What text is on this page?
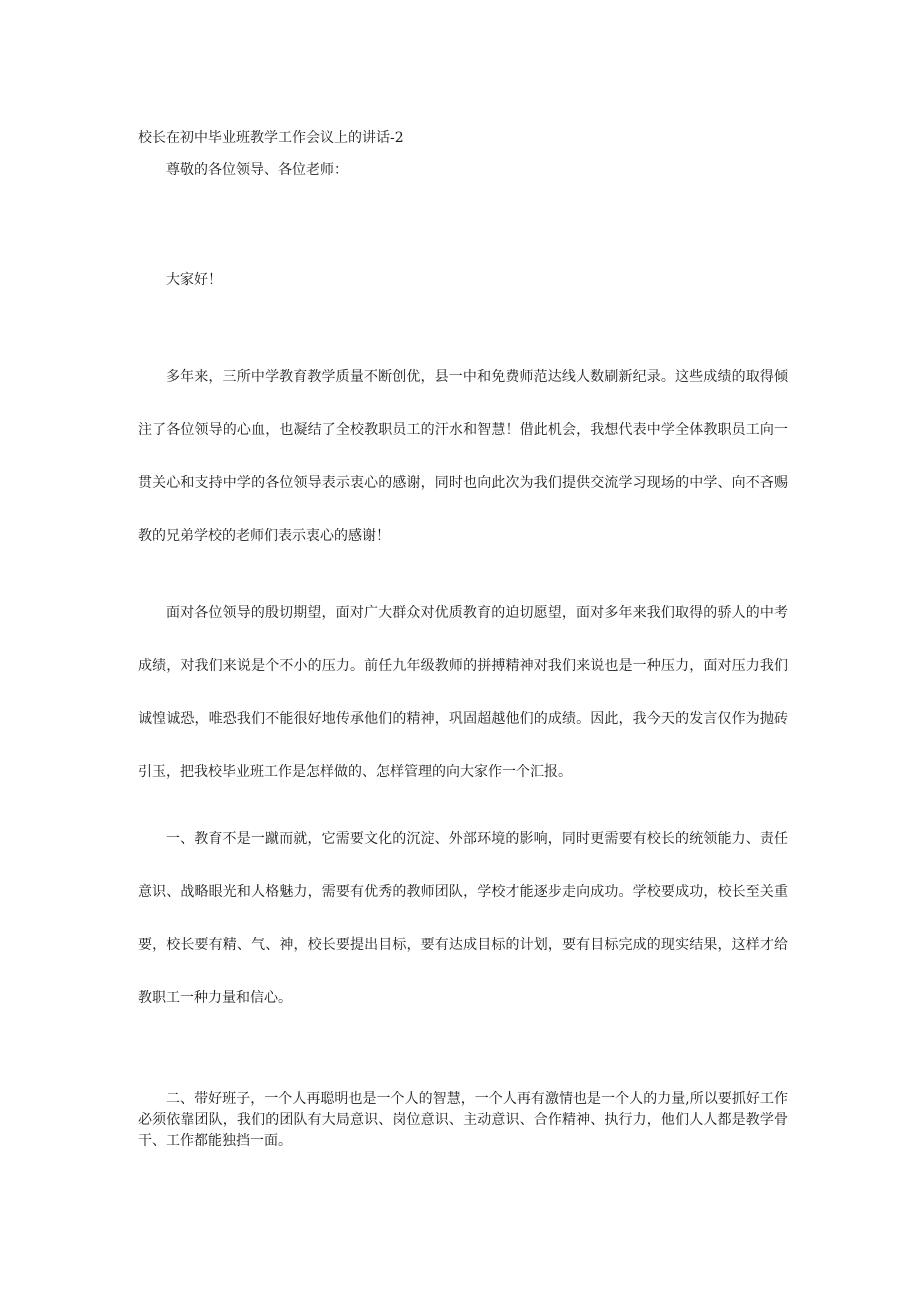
校长在初中毕业班教学工作会议上的讲话-2

尊敬的各位领导、各位老师：

大家好！

多年来，三所中学教育教学质量不断创优，县一中和免费师范达线人数刷新纪录。这些成绩的取得倾注了各位领导的心血，也凝结了全校教职员工的汗水和智慧！借此机会，我想代表中学全体教职员工向一贯关心和支持中学的各位领导表示衷心的感谢，同时也向此次为我们提供交流学习现场的中学、向不吝赐教的兄弟学校的老师们表示衷心的感谢！

面对各位领导的殷切期望，面对广大群众对优质教育的迫切愿望，面对多年来我们取得的骄人的中考成绩，对我们来说是个不小的压力。前任九年级教师的拼搏精神对我们来说也是一种压力，面对压力我们诚惶诚恐，唯恐我们不能很好地传承他们的精神，巩固超越他们的成绩。因此，我今天的发言仅作为抛砖引玉，把我校毕业班工作是怎样做的、怎样管理的向大家作一个汇报。

一、教育不是一蹴而就，它需要文化的沉淀、外部环境的影响，同时更需要有校长的统领能力、责任意识、战略眼光和人格魅力，需要有优秀的教师团队，学校才能逐步走向成功。学校要成功，校长至关重要，校长要有精、气、神，校长要提出目标，要有达成目标的计划，要有目标完成的现实结果，这样才给教职工一种力量和信心。

二、带好班子，一个人再聪明也是一个人的智慧，一个人再有激情也是一个人的力量,所以要抓好工作必须依靠团队，我们的团队有大局意识、岗位意识、主动意识、合作精神、执行力，他们人人都是教学骨干、工作都能独挡一面。
